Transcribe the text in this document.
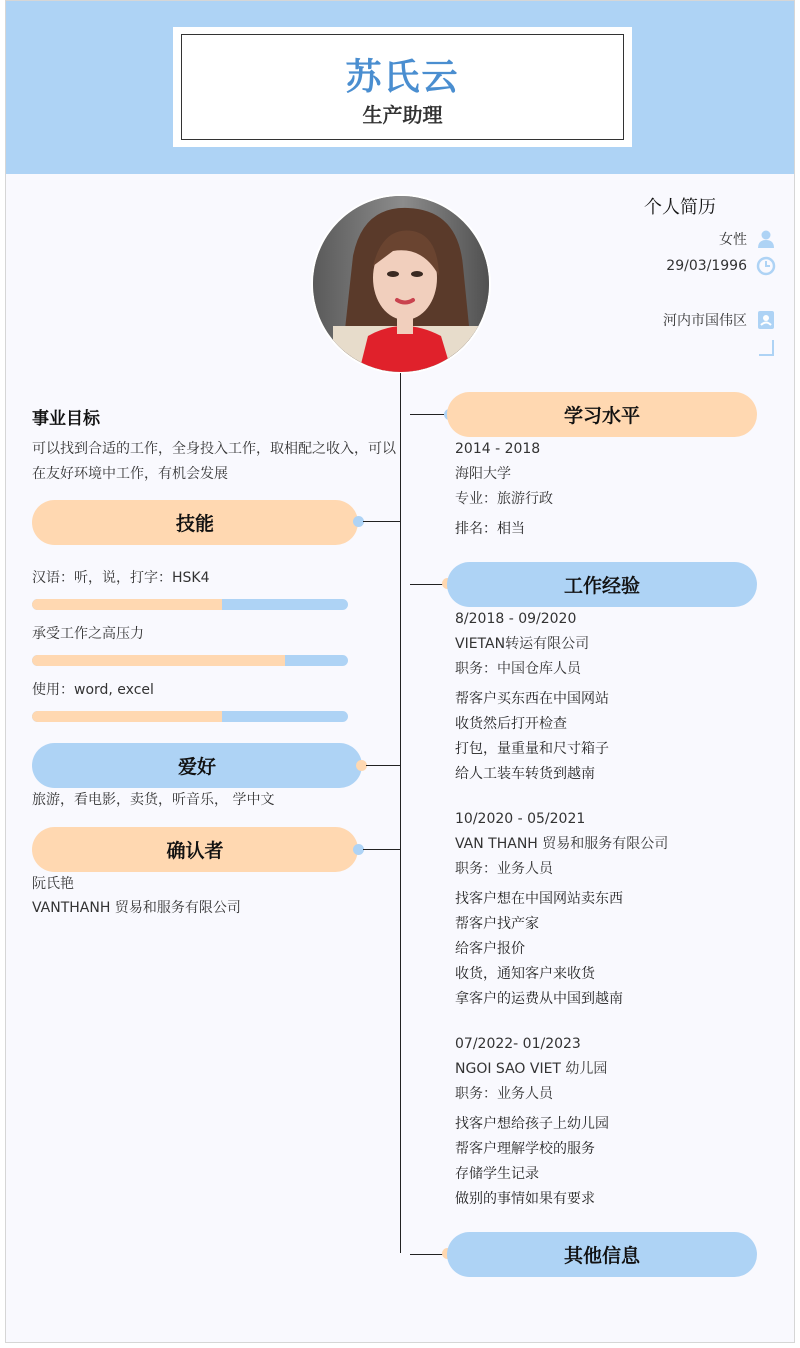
苏氏云
生产助理
个人简历
女性
29/03/1996
河内市国伟区
事业目标
可以找到合适的工作，全身投入工作，取相配之收入，可以在友好环境中工作，有机会发展
技能
汉语：听，说，打字：HSK4
承受工作之高压力
使用：word, excel
爱好
旅游，看电影，卖货，听音乐， 学中文
确认者
阮氏艳
VANTHANH 贸易和服务有限公司
学习水平
2014 - 2018
海阳大学
专业：旅游行政
排名：相当
工作经验
8/2018 - 09/2020
VIETAN转运有限公司
职务：中国仓库人员
帮客户买东西在中国网站
收货然后打开检查
打包，量重量和尺寸箱子
给人工装车转货到越南
10/2020 - 05/2021
VAN THANH 贸易和服务有限公司
职务：业务人员
找客户想在中国网站卖东西
帮客户找产家
给客户报价
收货，通知客户来收货
拿客户的运费从中国到越南
07/2022- 01/2023
NGOI SAO VIET 幼儿园
职务：业务人员
找客户想给孩子上幼儿园
帮客户理解学校的服务
存储学生记录
做别的事情如果有要求
其他信息
